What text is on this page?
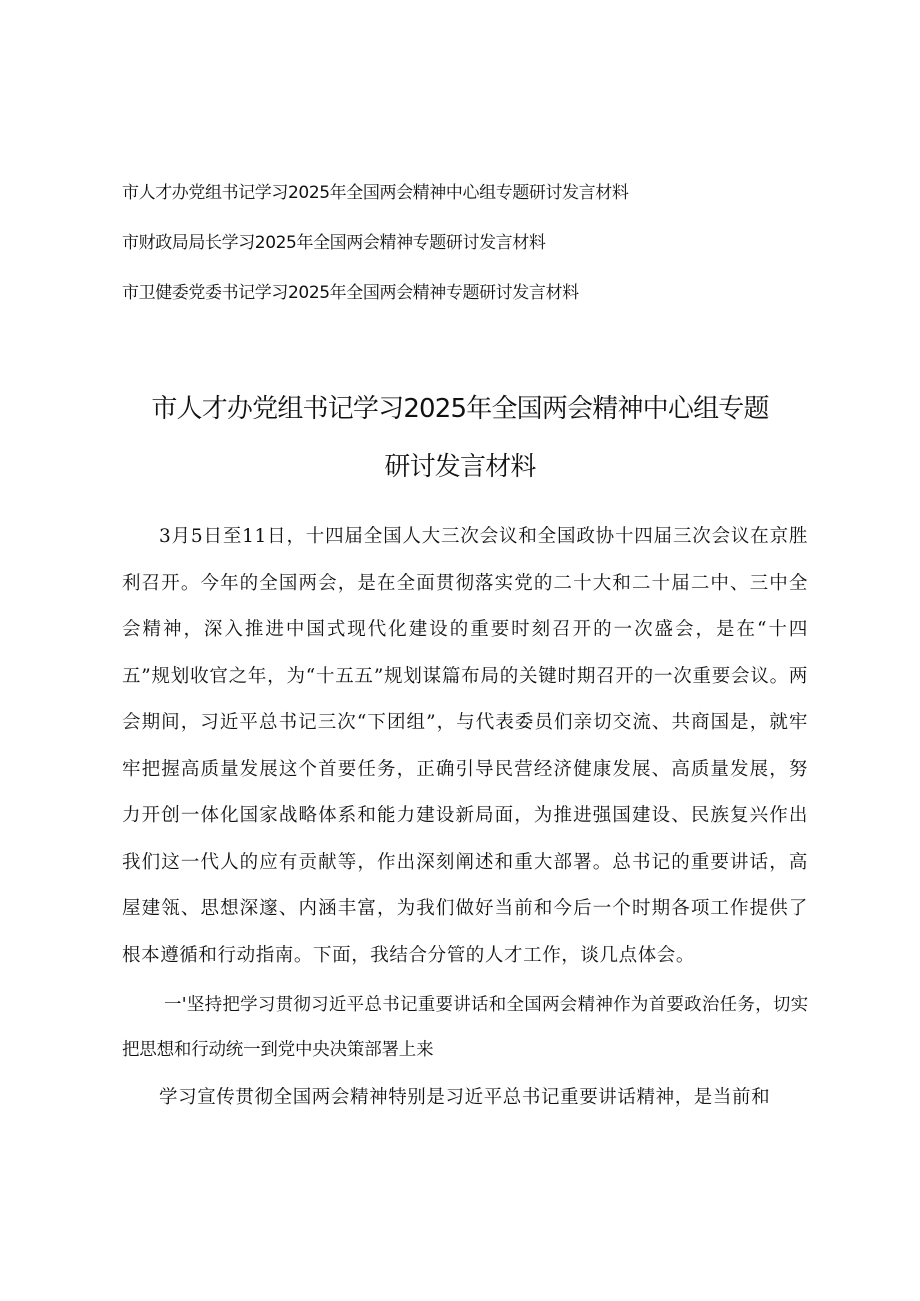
市人才办党组书记学习2025年全国两会精神中心组专题研讨发言材料
市财政局局长学习2025年全国两会精神专题研讨发言材料
市卫健委党委书记学习2025年全国两会精神专题研讨发言材料
市人才办党组书记学习2025年全国两会精神中心组专题
研讨发言材料

3月5日至11日，十四届全国人大三次会议和全国政协十四届三次会议在京胜利召开。今年的全国两会，是在全面贯彻落实党的二十大和二十届二中、三中全会精神，深入推进中国式现代化建设的重要时刻召开的一次盛会，是在“十四五”规划收官之年，为“十五五”规划谋篇布局的关键时期召开的一次重要会议。两会期间，习近平总书记三次“下团组”，与代表委员们亲切交流、共商国是，就牢牢把握高质量发展这个首要任务，正确引导民营经济健康发展、高质量发展，努力开创一体化国家战略体系和能力建设新局面，为推进强国建设、民族复兴作出我们这一代人的应有贡献等，作出深刻阐述和重大部署。总书记的重要讲话，高屋建瓴、思想深邃、内涵丰富，为我们做好当前和今后一个时期各项工作提供了根本遵循和行动指南。下面，我结合分管的人才工作，谈几点体会。

一'坚持把学习贯彻习近平总书记重要讲话和全国两会精神作为首要政治任务，切实把思想和行动统一到党中央决策部署上来

学习宣传贯彻全国两会精神特别是习近平总书记重要讲话精神，是当前和
